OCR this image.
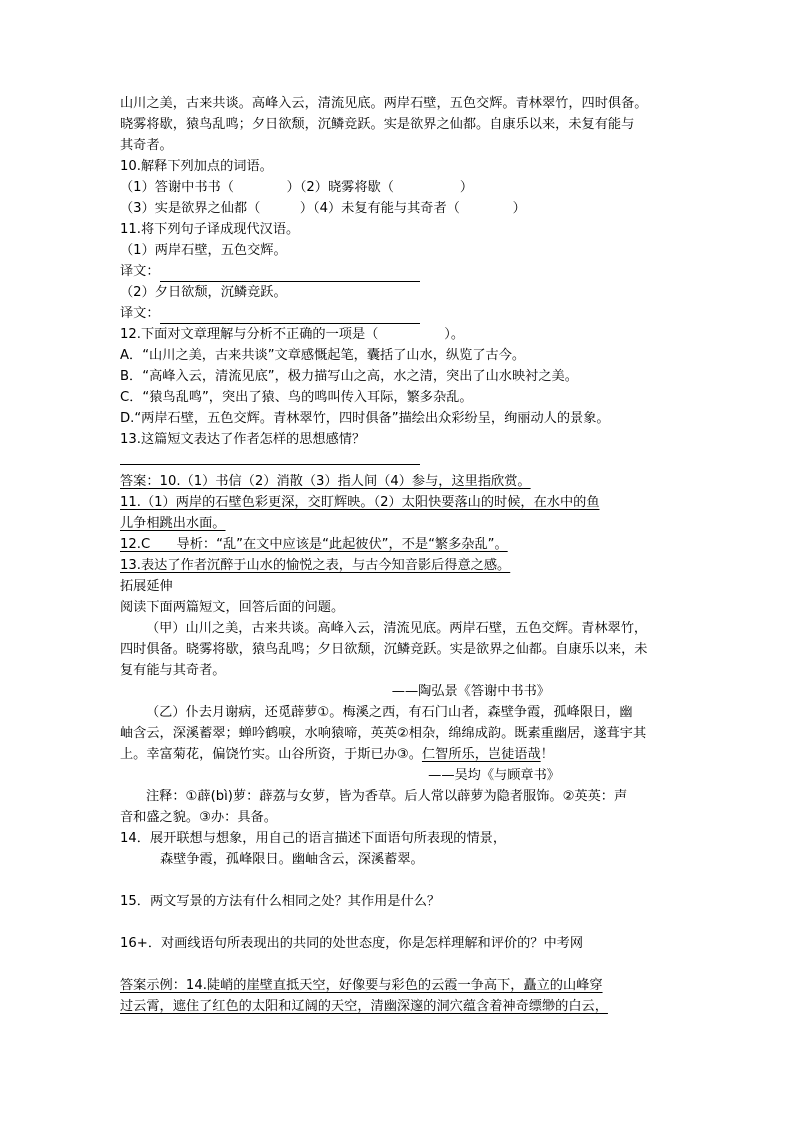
山川之美，古来共谈。高峰入云，清流见底。两岸石壁，五色交辉。青林翠竹，四时俱备。
晓雾将歇，猿鸟乱鸣；夕日欲颓，沉鳞竞跃。实是欲界之仙都。自康乐以来，未复有能与
其奇者。
10.解释下列加点的词语。
（1）答谢中书书（　　　　）（2）晓雾将歇（　　　　　）
（3）实是欲界之仙都（　　　）（4）未复有能与其奇者（　　　　）
11.将下列句子译成现代汉语。
（1）两岸石壁，五色交辉。
译文：
（2）夕日欲颓，沉鳞竞跃。
译文：
12.下面对文章理解与分析不正确的一项是（　　　　　）。
A．“山川之美，古来共谈”文章感慨起笔，囊括了山水，纵览了古今。
B．“高峰入云，清流见底”，极力描写山之高，水之清，突出了山水映衬之美。
C．“猿鸟乱鸣”，突出了猿、鸟的鸣叫传入耳际，繁多杂乱。
D.“两岸石壁，五色交辉。青林翠竹，四时俱备”描绘出众彩纷呈，绚丽动人的景象。
13.这篇短文表达了作者怎样的思想感情？
答案：10.（1）书信（2）消散（3）指人间（4）参与，这里指欣赏。
11.（1）两岸的石壁色彩更深，交盯辉映。（2）太阳快要落山的时候，在水中的鱼
儿争相跳出水面。
12.C　　导析：“乱”在文中应该是“此起彼伏”，不是“繁多杂乱”。
13.表达了作者沉醉于山水的愉悦之表，与古今知音影后得意之感。
拓展延伸
阅读下面两篇短文，回答后面的问题。
（甲）山川之美，古来共谈。高峰入云，清流见底。两岸石壁，五色交辉。青林翠竹，
四时俱备。晓雾将歇，猿鸟乱鸣；夕日欲颓，沉鳞竞跃。实是欲界之仙都。自康乐以来，未
复有能与其奇者。
——陶弘景《答谢中书书》
（乙）仆去月谢病，还觅薜萝①。梅溪之西，有石门山者，森壁争霞，孤峰限日，幽
岫含云，深溪蓄翠；蝉吟鹤唳，水响猿啼，英英②相杂，绵绵成韵。既素重幽居，遂葺宇其
上。幸富菊花，偏饶竹实。山谷所资，于斯已办③。仁智所乐，岂徒语哉！
——吴均《与顾章书》
注释：①薜(bì)萝：薜荔与女萝，皆为香草。后人常以薜萝为隐者服饰。②英英：声
音和盛之貌。③办：具备。
14．展开联想与想象，用自己的语言描述下面语句所表现的情景，
森壁争霞，孤峰限日。幽岫含云，深溪蓄翠。
15．两文写景的方法有什么相同之处？其作用是什么？
16+．对画线语句所表现出的共同的处世态度，你是怎样理解和评价的？中考网
答案示例：14.陡峭的崖壁直抵天空，好像要与彩色的云霞一争高下，矗立的山峰穿
过云霄，遮住了红色的太阳和辽阔的天空，清幽深邃的洞穴蕴含着神奇缥缈的白云，
